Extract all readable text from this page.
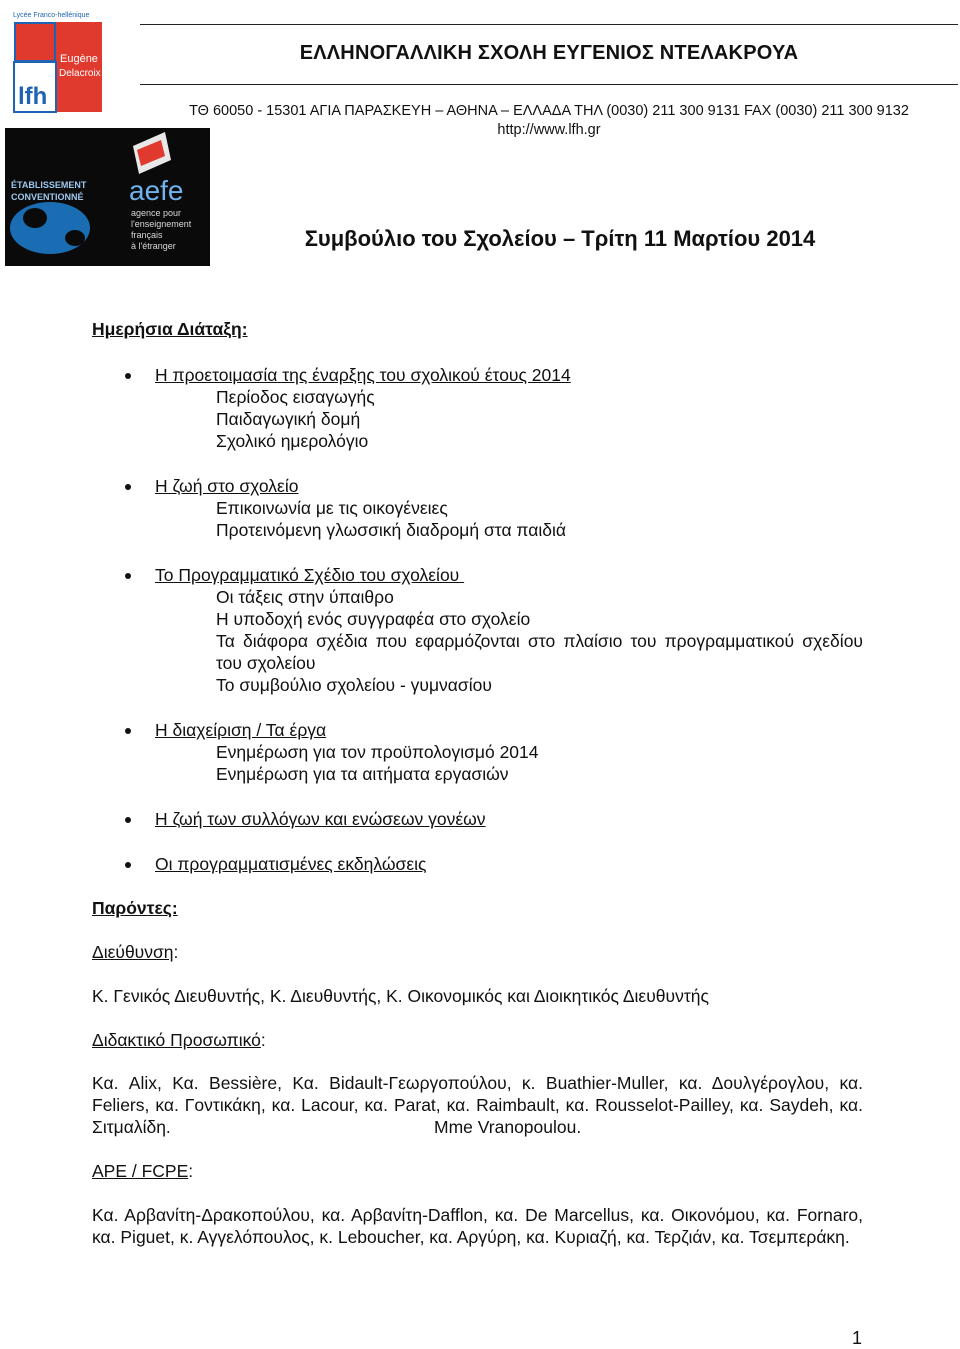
Lycée Franco-hellénique
Eugène
Delacroix
lfh
ÉTABLISSEMENT
CONVENTIONNÉ aefe
agence pour
l'enseignement
français
à l'étranger
ΕΛΛΗΝΟΓΑΛΛΙΚΗ ΣΧΟΛΗ ΕΥΓΕΝΙΟΣ ΝΤΕΛΑΚΡΟΥΑ
ΤΘ 60050 - 15301 ΑΓΙΑ ΠΑΡΑΣΚΕΥΗ – ΑΘΗΝΑ – ΕΛΛΑΔΑ ΤΗΛ (0030) 211 300 9131 FAX (0030) 211 300 9132
http://www.lfh.gr
Συμβούλιο του Σχολείου – Τρίτη 11 Μαρτίου 2014
Ημερήσια Διάταξη:
Η προετοιμασία της έναρξης του σχολικού έτους 2014
Περίοδος εισαγωγής
Παιδαγωγική δομή
Σχολικό ημερολόγιο
Η ζωή στο σχολείο
Επικοινωνία με τις οικογένειες
Προτεινόμενη γλωσσική διαδρομή στα παιδιά
Το Προγραμματικό Σχέδιο του σχολείου
Οι τάξεις στην ύπαιθρο
Η υποδοχή ενός συγγραφέα στο σχολείο
Τα διάφορα σχέδια που εφαρμόζονται στο πλαίσιο του προγραμματικού σχεδίου του σχολείου
Το συμβούλιο σχολείου - γυμνασίου
Η διαχείριση / Τα έργα
Ενημέρωση για τον προϋπολογισμό 2014
Ενημέρωση για τα αιτήματα εργασιών
Η ζωή των συλλόγων και ενώσεων γονέων
Οι προγραμματισμένες εκδηλώσεις
Παρόντες:
Διεύθυνση:
Κ. Γενικός Διευθυντής, Κ. Διευθυντής, Κ. Οικονομικός και Διοικητικός Διευθυντής
Διδακτικό Προσωπικό:
Κα. Alix, Κα. Bessière, Κα. Bidault-Γεωργοπούλου, κ. Buathier-Muller, κα. Δουλγέρογλου, κα. Feliers, κα. Γοντικάκη, κα. Lacour, κα. Parat, κα. Raimbault, κα. Rousselot-Pailley, κα. Saydeh, κα. Σιτμαλίδη.	Mme Vranopoulou.
APE / FCPE:
Κα. Αρβανίτη-Δρακοπούλου, κα. Αρβανίτη-Dafflon, κα. De Marcellus, κα. Οικονόμου, κα. Fornaro, κα. Piguet, κ. Αγγελόπουλος, κ. Leboucher, κα. Αργύρη, κα. Κυριαζή, κα. Τερζιάν, κα. Τσεμπεράκη.
1
